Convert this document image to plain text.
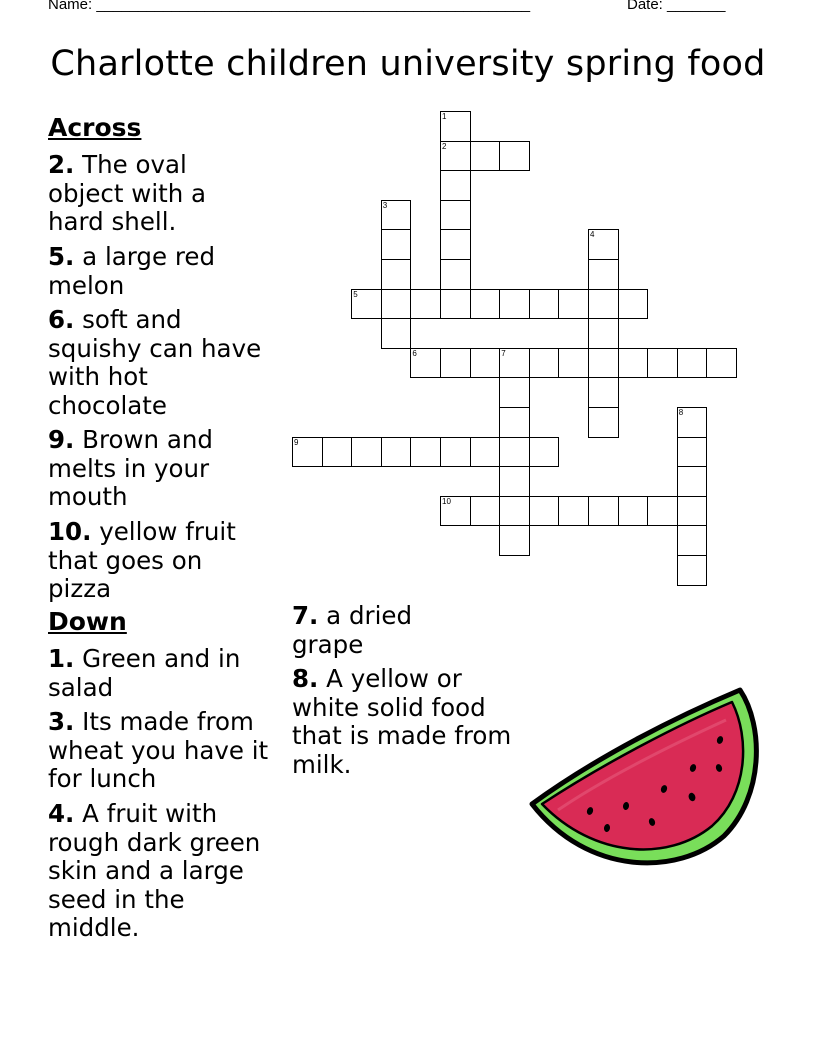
Name: ____________________________________________________	Date: _______
Charlotte children university spring food
1
2
3
4
5
6	7
8
9
10
Across
2. The oval object with a hard shell.
5. a large red melon
6. soft and squishy can have with hot chocolate
9. Brown and melts in your mouth
10. yellow fruit that goes on pizza
Down
1. Green and in salad
3. Its made from wheat you have it for lunch
4. A fruit with rough dark green skin and a large seed in the middle.
7. a dried grape
8. A yellow or white solid food that is made from milk.
